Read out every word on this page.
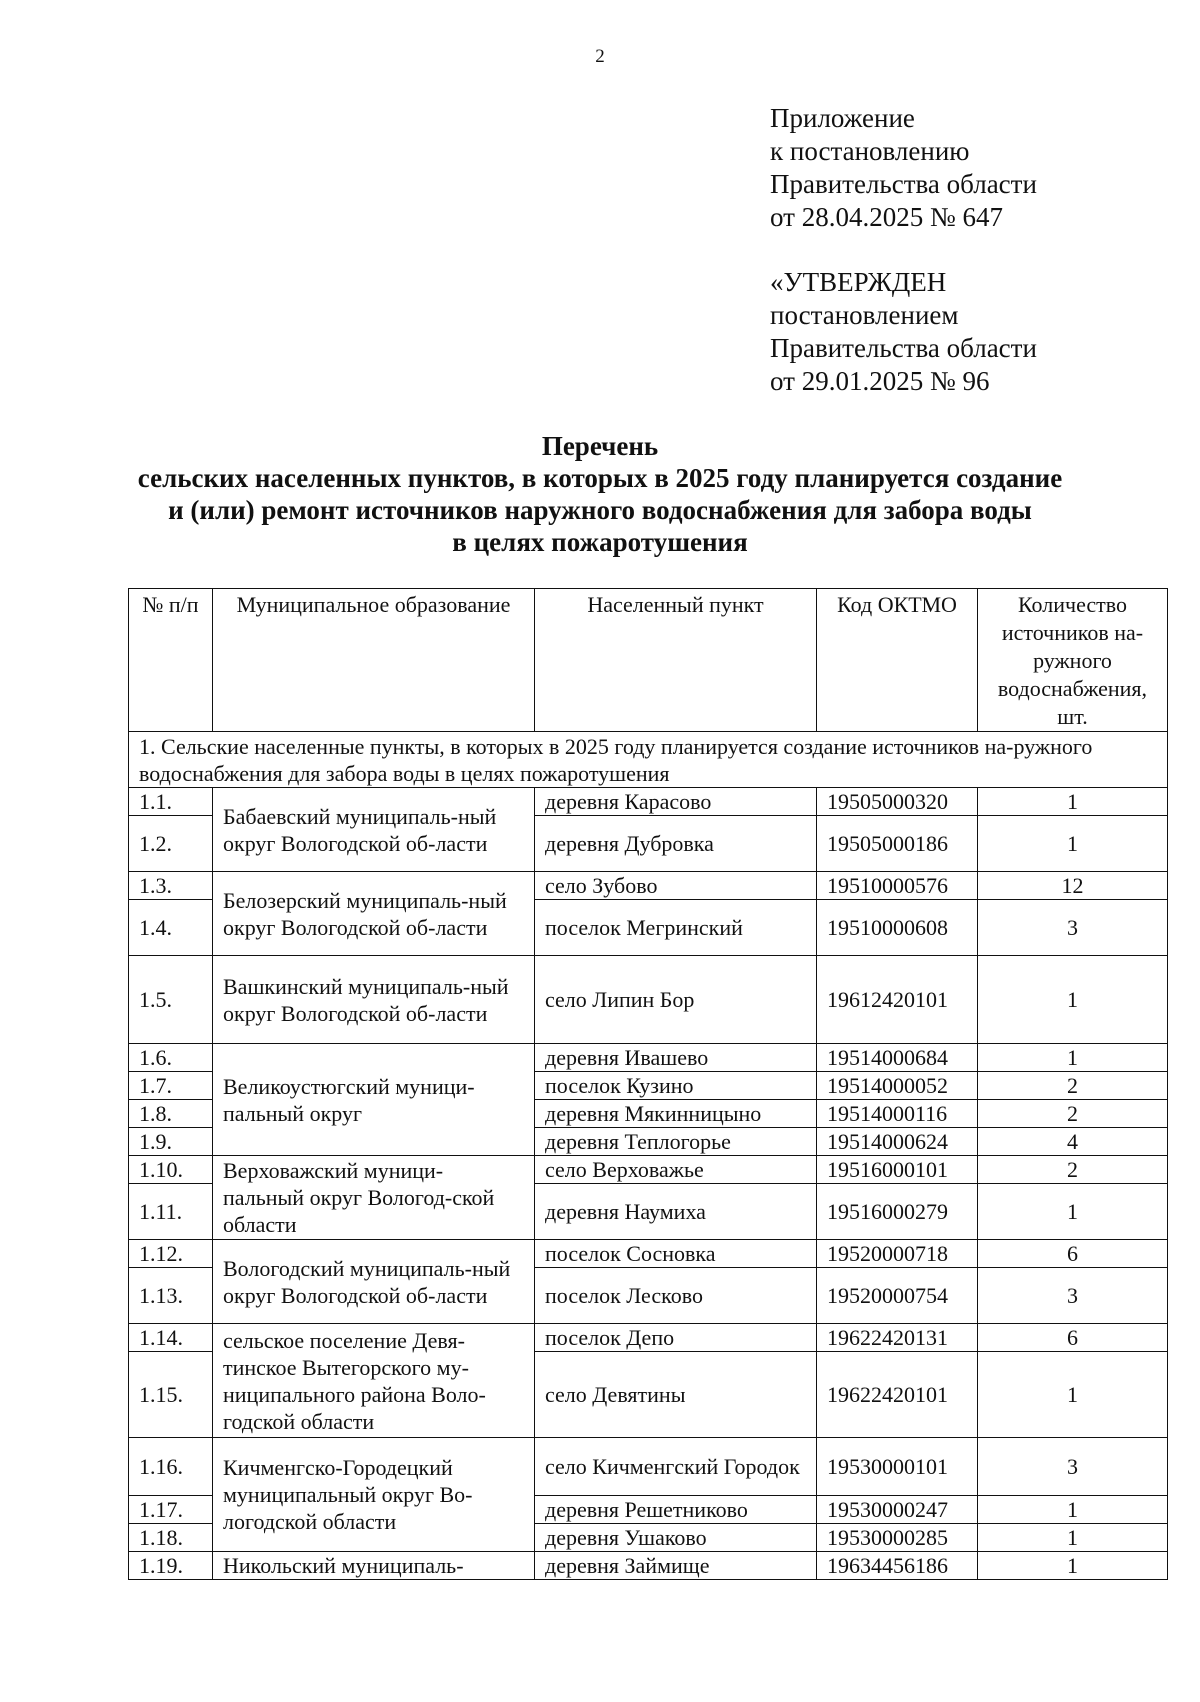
2
Приложение
к постановлению
Правительства области
от 28.04.2025 № 647
«УТВЕРЖДЕН
постановлением
Правительства области
от 29.01.2025 № 96
Перечень
сельских населенных пунктов, в которых в 2025 году планируется создание
и (или) ремонт источников наружного водоснабжения для забора воды
в целях пожаротушения
№ п/п	Муниципальное образование	Населенный пункт	Код ОКТМО	Количество источников на-ружного водоснабжения, шт.
1. Сельские населенные пункты, в которых в 2025 году планируется создание источников на-ружного водоснабжения для забора воды в целях пожаротушения				
1.1.	Бабаевский муниципаль-ный округ Вологодской об-ласти	деревня Карасово	19505000320	1
1.2.		деревня Дубровка	19505000186	1
1.3.	Белозерский муниципаль-ный округ Вологодской об-ласти	село Зубово	19510000576	12
1.4.		поселок Мегринский	19510000608	3
1.5.	Вашкинский муниципаль-ный округ Вологодской об-ласти	село Липин Бор	19612420101	1
1.6.	Великоустюгский муници-пальный округ	деревня Ивашево	19514000684	1
1.7.		поселок Кузино	19514000052	2
1.8.		деревня Мякинницыно	19514000116	2
1.9.		деревня Теплогорье	19514000624	4
1.10.	Верховажский муници-пальный округ Вологод-ской области	село Верховажье	19516000101	2
1.11.		деревня Наумиха	19516000279	1
1.12.	Вологодский муниципаль-ный округ Вологодской об-ласти	поселок Сосновка	19520000718	6
1.13.		поселок Лесково	19520000754	3
1.14.	сельское поселение Девя-тинское Вытегорского му-ниципального района Воло-годской области	поселок Депо	19622420131	6
1.15.		село Девятины	19622420101	1
1.16.	Кичменгско-Городецкий муниципальный округ Во-логодской области	село Кичменгский Городок	19530000101	3
1.17.		деревня Решетниково	19530000247	1
1.18.		деревня Ушаково	19530000285	1
1.19.	Никольский муниципаль-	деревня Займище	19634456186	1
